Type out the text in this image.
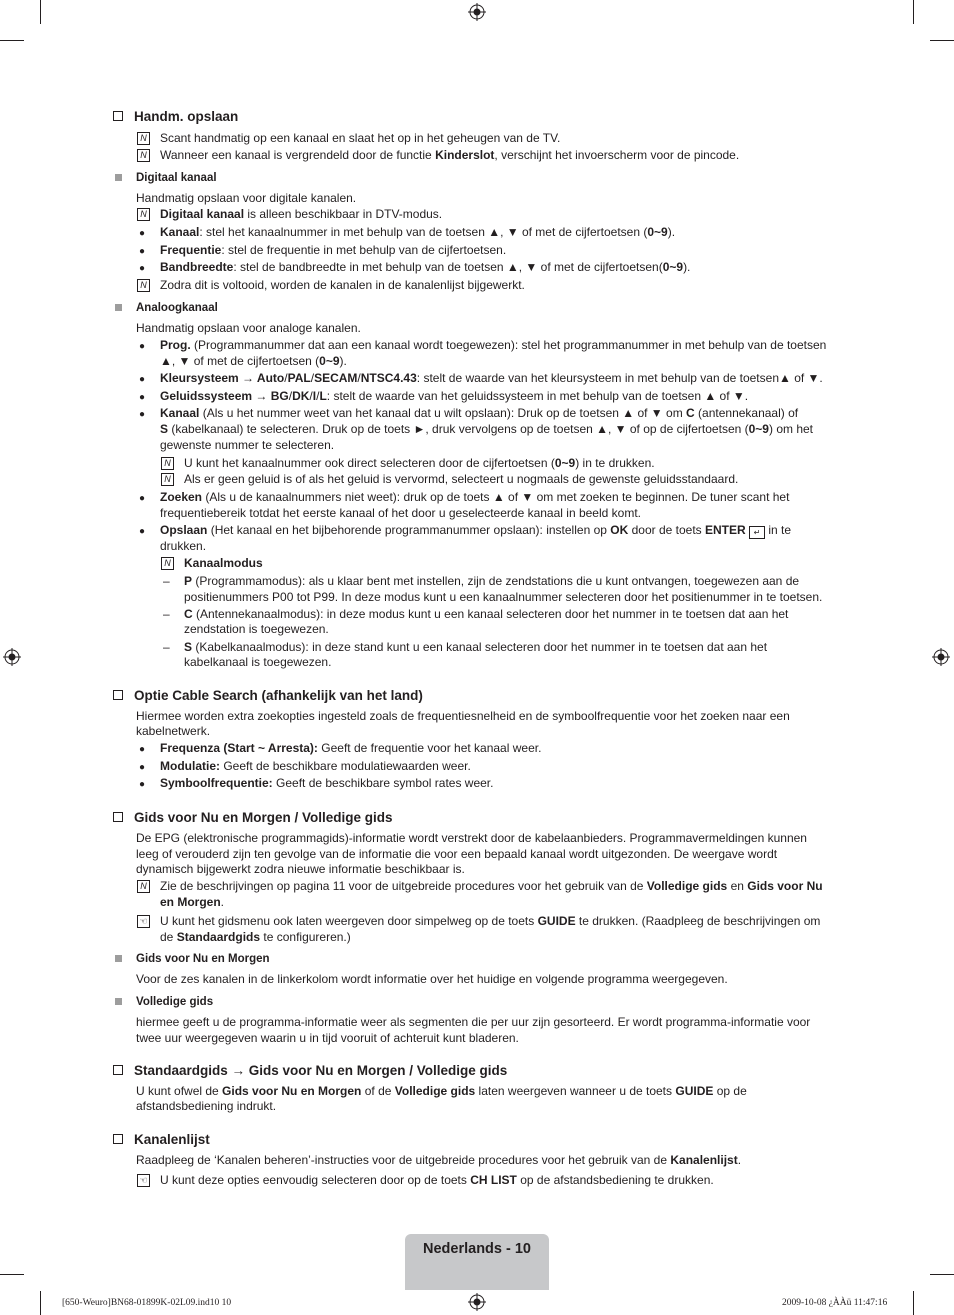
Handm. opslaan
N Scant handmatig op een kanaal en slaat het op in het geheugen van de TV.
N Wanneer een kanaal is vergrendeld door de functie Kinderslot, verschijnt het invoerscherm voor de pincode.
Digitaal kanaal
Handmatig opslaan voor digitale kanalen.
N Digitaal kanaal is alleen beschikbaar in DTV-modus.
● Kanaal: stel het kanaalnummer in met behulp van de toetsen ▲, ▼ of met de cijfertoetsen (0~9).
● Frequentie: stel de frequentie in met behulp van de cijfertoetsen.
● Bandbreedte: stel de bandbreedte in met behulp van de toetsen ▲, ▼ of met de cijfertoetsen(0~9).
N Zodra dit is voltooid, worden de kanalen in de kanalenlijst bijgewerkt.
Analoogkanaal
Handmatig opslaan voor analoge kanalen.
● Prog. (Programmanummer dat aan een kanaal wordt toegewezen): stel het programmanummer in met behulp van de toetsen
▲, ▼ of met de cijfertoetsen (0~9).
● Kleursysteem → Auto/PAL/SECAM/NTSC4.43: stelt de waarde van het kleursysteem in met behulp van de toetsen▲ of ▼.
● Geluidssysteem → BG/DK/I/L: stelt de waarde van het geluidssysteem in met behulp van de toetsen ▲ of ▼.
● Kanaal (Als u het nummer weet van het kanaal dat u wilt opslaan): Druk op de toetsen ▲ of ▼ om C (antennekanaal) of
S (kabelkanaal) te selecteren. Druk op de toets ►, druk vervolgens op de toetsen ▲, ▼ of op de cijfertoetsen (0~9) om het
gewenste nummer te selecteren.
N U kunt het kanaalnummer ook direct selecteren door de cijfertoetsen (0~9) in te drukken.
N Als er geen geluid is of als het geluid is vervormd, selecteert u nogmaals de gewenste geluidsstandaard.
● Zoeken (Als u de kanaalnummers niet weet): druk op de toets ▲ of ▼ om met zoeken te beginnen. De tuner scant het
frequentiebereik totdat het eerste kanaal of het door u geselecteerde kanaal in beeld komt.
● Opslaan (Het kanaal en het bijbehorende programmanummer opslaan): instellen op OK door de toets ENTER ↵ in te
drukken.
N Kanaalmodus
– P (Programmamodus): als u klaar bent met instellen, zijn de zendstations die u kunt ontvangen, toegewezen aan de
positienummers P00 tot P99. In deze modus kunt u een kanaalnummer selecteren door het positienummer in te toetsen.
– C (Antennekanaalmodus): in deze modus kunt u een kanaal selecteren door het nummer in te toetsen dat aan het
zendstation is toegewezen.
– S (Kabelkanaalmodus): in deze stand kunt u een kanaal selecteren door het nummer in te toetsen dat aan het
kabelkanaal is toegewezen.
Optie Cable Search (afhankelijk van het land)
Hiermee worden extra zoekopties ingesteld zoals de frequentiesnelheid en de symboolfrequentie voor het zoeken naar een
kabelnetwerk.
● Frequenza (Start ~ Arresta): Geeft de frequentie voor het kanaal weer.
● Modulatie: Geeft de beschikbare modulatiewaarden weer.
● Symboolfrequentie: Geeft de beschikbare symbol rates weer.
Gids voor Nu en Morgen / Volledige gids
De EPG (elektronische programmagids)-informatie wordt verstrekt door de kabelaanbieders. Programmavermeldingen kunnen
leeg of verouderd zijn ten gevolge van de informatie die voor een bepaald kanaal wordt uitgezonden. De weergave wordt
dynamisch bijgewerkt zodra nieuwe informatie beschikbaar is.
N Zie de beschrijvingen op pagina 11 voor de uitgebreide procedures voor het gebruik van de Volledige gids en Gids voor Nu
en Morgen.
☜ U kunt het gidsmenu ook laten weergeven door simpelweg op de toets GUIDE te drukken. (Raadpleeg de beschrijvingen om
de Standaardgids te configureren.)
Gids voor Nu en Morgen
Voor de zes kanalen in de linkerkolom wordt informatie over het huidige en volgende programma weergegeven.
Volledige gids
hiermee geeft u de programma-informatie weer als segmenten die per uur zijn gesorteerd. Er wordt programma-informatie voor
twee uur weergegeven waarin u in tijd vooruit of achteruit kunt bladeren.
Standaardgids → Gids voor Nu en Morgen / Volledige gids
U kunt ofwel de Gids voor Nu en Morgen of de Volledige gids laten weergeven wanneer u de toets GUIDE op de
afstandsbediening indrukt.
Kanalenlijst
Raadpleeg de ‘Kanalen beheren’-instructies voor de uitgebreide procedures voor het gebruik van de Kanalenlijst.
☜ U kunt deze opties eenvoudig selecteren door op de toets CH LIST op de afstandsbediening te drukken.
Nederlands - 10
[650-Weuro]BN68-01899K-02L09.ind10 10	2009-10-08 ¿ÀÀü 11:47:16
